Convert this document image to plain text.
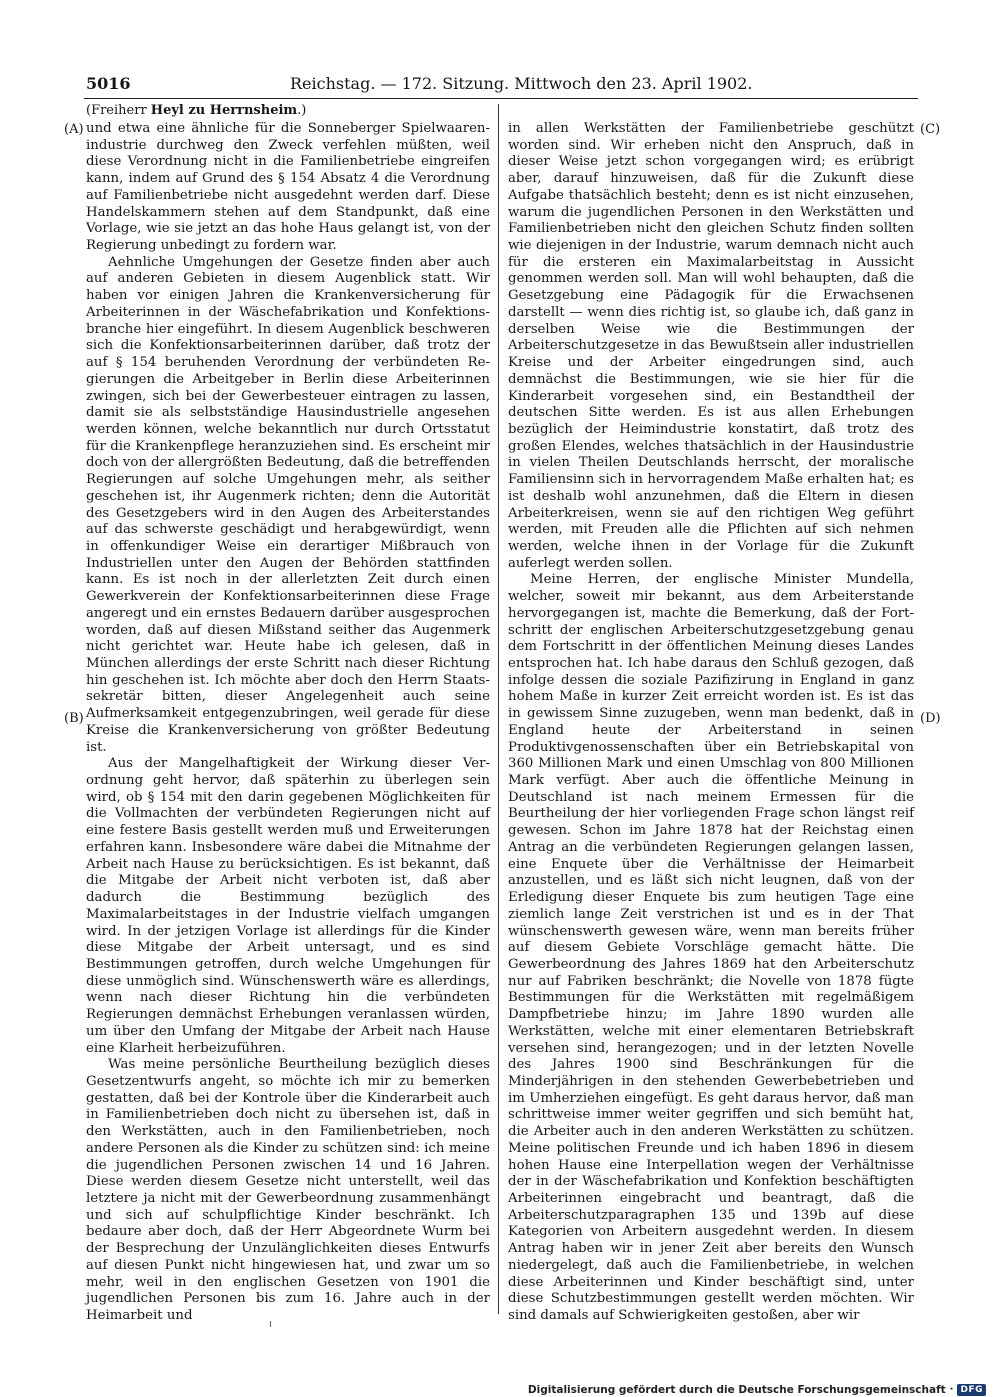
5016	Reichstag. — 172. Sitzung. Mittwoch den 23. April 1902.
(Freiherr Heyl zu Herrnsheim.)
(A)
(B)
(C)
(D)

und etwa eine ähnliche für die Sonneberger Spielwaarenindustrie durchweg den Zweck verfehlen müßten, weil diese Verordnung nicht in die Familienbetriebe eingreifen kann, indem auf Grund des § 154 Absatz 4 die Verordnung auf Familienbetriebe nicht ausgedehnt werden darf. Diese Handelskammern stehen auf dem Standpunkt, daß eine Vorlage, wie sie jetzt an das hohe Haus gelangt ist, von der Regierung unbedingt zu fordern war.

Aehnliche Umgehungen der Gesetze finden aber auch auf anderen Gebieten in diesem Augenblick statt. Wir haben vor einigen Jahren die Krankenversicherung für Arbeiterinnen in der Wäschefabrikation und Konfektionsbranche hier eingeführt. In diesem Augenblick beschweren sich die Konfektionsarbeiterinnen darüber, daß trotz der auf § 154 beruhenden Verordnung der verbündeten Regierungen die Arbeitgeber in Berlin diese Arbeiterinnen zwingen, sich bei der Gewerbesteuer eintragen zu lassen, damit sie als selbstständige Hausindustrielle angesehen werden können, welche bekanntlich nur durch Ortsstatut für die Krankenpflege heranzuziehen sind. Es erscheint mir doch von der allergrößten Bedeutung, daß die betreffenden Regierungen auf solche Umgehungen mehr, als seither geschehen ist, ihr Augenmerk richten; denn die Autorität des Gesetzgebers wird in den Augen des Arbeiterstandes auf das schwerste geschädigt und herabgewürdigt, wenn in offenkundiger Weise ein derartiger Mißbrauch von Industriellen unter den Augen der Behörden stattfinden kann. Es ist noch in der allerletzten Zeit durch einen Gewerkverein der Konfektionsarbeiterinnen diese Frage angeregt und ein ernstes Bedauern darüber ausgesprochen worden, daß auf diesen Mißstand seither das Augenmerk nicht gerichtet war. Heute habe ich gelesen, daß in München allerdings der erste Schritt nach dieser Richtung hin geschehen ist. Ich möchte aber doch den Herrn Staatssekretär bitten, dieser Angelegenheit auch seine Aufmerksamkeit entgegenzubringen, weil gerade für diese Kreise die Krankenversicherung von größter Bedeutung ist.

Aus der Mangelhaftigkeit der Wirkung dieser Verordnung geht hervor, daß späterhin zu überlegen sein wird, ob § 154 mit den darin gegebenen Möglichkeiten für die Vollmachten der verbündeten Regierungen nicht auf eine festere Basis gestellt werden muß und Erweiterungen erfahren kann. Insbesondere wäre dabei die Mitnahme der Arbeit nach Hause zu berücksichtigen. Es ist bekannt, daß die Mitgabe der Arbeit nicht verboten ist, daß aber dadurch die Bestimmung bezüglich des Maximalarbeitstages in der Industrie vielfach umgangen wird. In der jetzigen Vorlage ist allerdings für die Kinder diese Mitgabe der Arbeit untersagt, und es sind Bestimmungen getroffen, durch welche Umgehungen für diese unmöglich sind. Wünschenswerth wäre es allerdings, wenn nach dieser Richtung hin die verbündeten Regierungen demnächst Erhebungen veranlassen würden, um über den Umfang der Mitgabe der Arbeit nach Hause eine Klarheit herbeizuführen.

Was meine persönliche Beurtheilung bezüglich dieses Gesetzentwurfs angeht, so möchte ich mir zu bemerken gestatten, daß bei der Kontrole über die Kinderarbeit auch in Familienbetrieben doch nicht zu übersehen ist, daß in den Werkstätten, auch in den Familienbetrieben, noch andere Personen als die Kinder zu schützen sind: ich meine die jugendlichen Personen zwischen 14 und 16 Jahren. Diese werden diesem Gesetze nicht unterstellt, weil das letztere ja nicht mit der Gewerbeordnung zusammenhängt und sich auf schulpflichtige Kinder beschränkt. Ich bedaure aber doch, daß der Herr Abgeordnete Wurm bei der Besprechung der Unzulänglichkeiten dieses Entwurfs auf diesen Punkt nicht hingewiesen hat, und zwar um so mehr, weil in den englischen Gesetzen von 1901 die jugendlichen Personen bis zum 16. Jahre auch in der Heimarbeit und

in allen Werkstätten der Familienbetriebe geschützt worden sind. Wir erheben nicht den Anspruch, daß in dieser Weise jetzt schon vorgegangen wird; es erübrigt aber, darauf hinzuweisen, daß für die Zukunft diese Aufgabe thatsächlich besteht; denn es ist nicht einzusehen, warum die jugendlichen Personen in den Werkstätten und Familienbetrieben nicht den gleichen Schutz finden sollten wie diejenigen in der Industrie, warum demnach nicht auch für die ersteren ein Maximalarbeitstag in Aussicht genommen werden soll. Man will wohl behaupten, daß die Gesetzgebung eine Pädagogik für die Erwachsenen darstellt — wenn dies richtig ist, so glaube ich, daß ganz in derselben Weise wie die Bestimmungen der Arbeiterschutzgesetze in das Bewußtsein aller industriellen Kreise und der Arbeiter eingedrungen sind, auch demnächst die Bestimmungen, wie sie hier für die Kinderarbeit vorgesehen sind, ein Bestandtheil der deutschen Sitte werden. Es ist aus allen Erhebungen bezüglich der Heimindustrie konstatirt, daß trotz des großen Elendes, welches thatsächlich in der Hausindustrie in vielen Theilen Deutschlands herrscht, der moralische Familiensinn sich in hervorragendem Maße erhalten hat; es ist deshalb wohl anzunehmen, daß die Eltern in diesen Arbeiterkreisen, wenn sie auf den richtigen Weg geführt werden, mit Freuden alle die Pflichten auf sich nehmen werden, welche ihnen in der Vorlage für die Zukunft auferlegt werden sollen.

Meine Herren, der englische Minister Mundella, welcher, soweit mir bekannt, aus dem Arbeiterstande hervorgegangen ist, machte die Bemerkung, daß der Fortschritt der englischen Arbeiterschutzgesetzgebung genau dem Fortschritt in der öffentlichen Meinung dieses Landes entsprochen hat. Ich habe daraus den Schluß gezogen, daß infolge dessen die soziale Pazifizirung in England in ganz hohem Maße in kurzer Zeit erreicht worden ist. Es ist das in gewissem Sinne zuzugeben, wenn man bedenkt, daß in England heute der Arbeiterstand in seinen Produktivgenossenschaften über ein Betriebskapital von 360 Millionen Mark und einen Umschlag von 800 Millionen Mark verfügt. Aber auch die öffentliche Meinung in Deutschland ist nach meinem Ermessen für die Beurtheilung der hier vorliegenden Frage schon längst reif gewesen. Schon im Jahre 1878 hat der Reichstag einen Antrag an die verbündeten Regierungen gelangen lassen, eine Enquete über die Verhältnisse der Heimarbeit anzustellen, und es läßt sich nicht leugnen, daß von der Erledigung dieser Enquete bis zum heutigen Tage eine ziemlich lange Zeit verstrichen ist und es in der That wünschenswerth gewesen wäre, wenn man bereits früher auf diesem Gebiete Vorschläge gemacht hätte. Die Gewerbeordnung des Jahres 1869 hat den Arbeiterschutz nur auf Fabriken beschränkt; die Novelle von 1878 fügte Bestimmungen für die Werkstätten mit regelmäßigem Dampfbetriebe hinzu; im Jahre 1890 wurden alle Werkstätten, welche mit einer elementaren Betriebskraft versehen sind, herangezogen; und in der letzten Novelle des Jahres 1900 sind Beschränkungen für die Minderjährigen in den stehenden Gewerbebetrieben und im Umherziehen eingefügt. Es geht daraus hervor, daß man schrittweise immer weiter gegriffen und sich bemüht hat, die Arbeiter auch in den anderen Werkstätten zu schützen. Meine politischen Freunde und ich haben 1896 in diesem hohen Hause eine Interpellation wegen der Verhältnisse der in der Wäschefabrikation und Konfektion beschäftigten Arbeiterinnen eingebracht und beantragt, daß die Arbeiterschutzparagraphen 135 und 139b auf diese Kategorien von Arbeitern ausgedehnt werden. In diesem Antrag haben wir in jener Zeit aber bereits den Wunsch niedergelegt, daß auch die Familienbetriebe, in welchen diese Arbeiterinnen und Kinder beschäftigt sind, unter diese Schutzbestimmungen gestellt werden möchten. Wir sind damals auf Schwierigkeiten gestoßen, aber wir

Digitalisierung gefördert durch die Deutsche Forschungsgemeinschaft · DFG
